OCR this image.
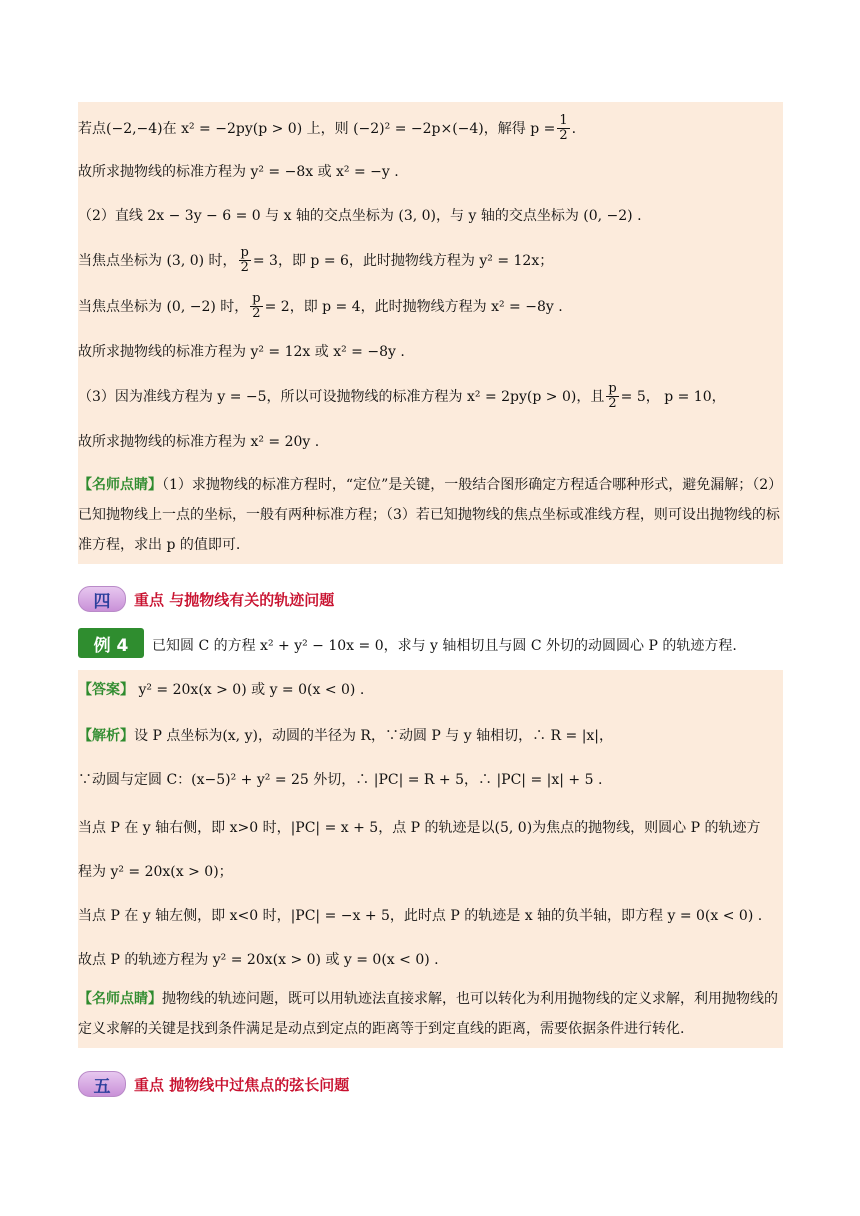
若点(−2,−4)在 x² = −2py(p > 0) 上，则 (−2)² = −2p×(−4)，解得 $p = \frac{1}{2}$ .
故所求抛物线的标准方程为 y² = −8x 或 x² = −y .
（2）直线 2x − 3y − 6 = 0 与 x 轴的交点坐标为 (3, 0)，与 y 轴的交点坐标为 (0, −2) .
当焦点坐标为 (3, 0) 时， $\frac{p}{2} = 3$，即 p = 6，此时抛物线方程为 y² = 12x；
当焦点坐标为 (0, −2) 时， $\frac{p}{2} = 2$，即 p = 4，此时抛物线方程为 x² = −8y .
故所求抛物线的标准方程为 y² = 12x 或 x² = −8y .
（3）因为准线方程为 y = −5，所以可设抛物线的标准方程为 x² = 2py(p > 0)，且 $\frac{p}{2} = 5$， p = 10，
故所求抛物线的标准方程为 x² = 20y .
【名师点睛】（1）求抛物线的标准方程时，“定位”是关键，一般结合图形确定方程适合哪种形式，避免漏解；（2）已知抛物线上一点的坐标，一般有两种标准方程；（3）若已知抛物线的焦点坐标或准线方程，则可设出抛物线的标准方程，求出 p 的值即可.
四	重点 与抛物线有关的轨迹问题
例 4	已知圆 C 的方程 x² + y² − 10x = 0，求与 y 轴相切且与圆 C 外切的动圆圆心 P 的轨迹方程.
【答案】 y² = 20x(x > 0) 或 y = 0(x < 0) .
【解析】设 P 点坐标为(x, y)，动圆的半径为 R，∵动圆 P 与 y 轴相切，∴ R = |x|，
∵动圆与定圆 C：(x−5)² + y² = 25 外切，∴ |PC| = R + 5，∴ |PC| = |x| + 5 .
当点 P 在 y 轴右侧，即 x>0 时，|PC| = x + 5，点 P 的轨迹是以(5, 0)为焦点的抛物线，则圆心 P 的轨迹方
程为 y² = 20x(x > 0)；
当点 P 在 y 轴左侧，即 x<0 时，|PC| = −x + 5，此时点 P 的轨迹是 x 轴的负半轴，即方程 y = 0(x < 0) .
故点 P 的轨迹方程为 y² = 20x(x > 0) 或 y = 0(x < 0) .
【名师点睛】抛物线的轨迹问题，既可以用轨迹法直接求解，也可以转化为利用抛物线的定义求解，利用抛物线的定义求解的关键是找到条件满足是动点到定点的距离等于到定直线的距离，需要依据条件进行转化.
五	重点 抛物线中过焦点的弦长问题
